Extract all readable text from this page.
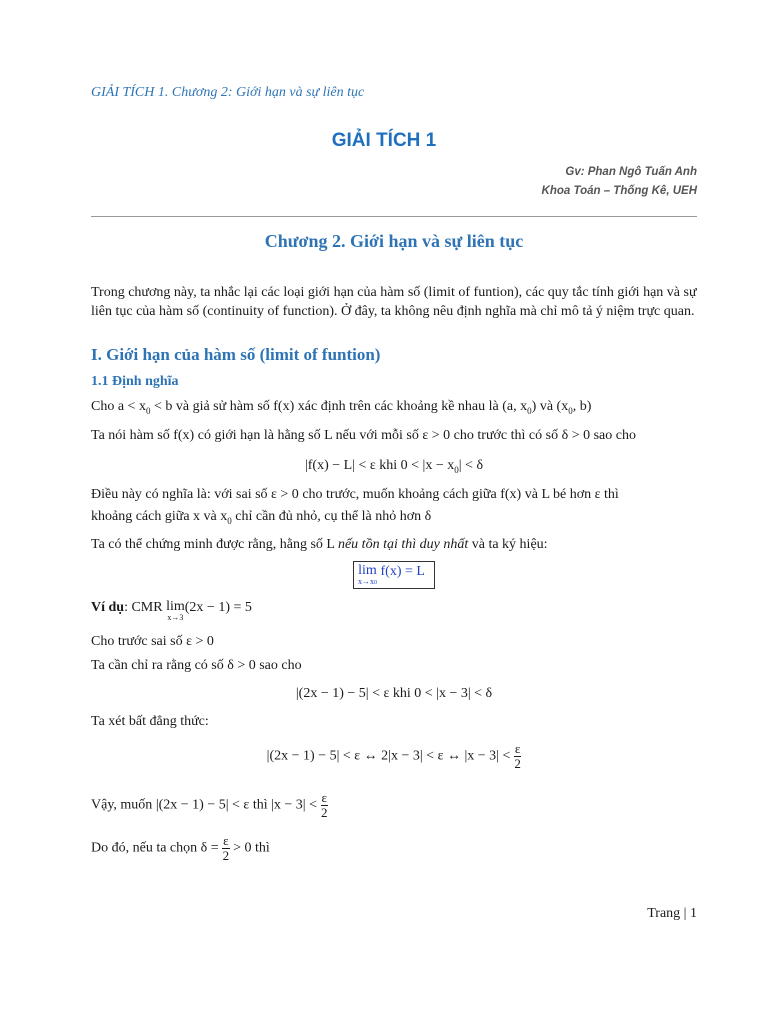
GIẢI TÍCH 1. Chương 2: Giới hạn và sự liên tục
GIẢI TÍCH 1
Gv: Phan Ngô Tuấn Anh
Khoa Toán – Thống Kê, UEH
Chương 2. Giới hạn và sự liên tục
Trong chương này, ta nhắc lại các loại giới hạn của hàm số (limit of funtion), các quy tắc tính giới hạn và sự liên tục của hàm số (continuity of function). Ở đây, ta không nêu định nghĩa mà chỉ mô tả ý niệm trực quan.
I. Giới hạn của hàm số (limit of funtion)
1.1 Định nghĩa
Cho $a < x_0 < b$ và giả sử hàm số f(x) xác định trên các khoảng kề nhau là (a, $x_0$) và ($x_0$, b)
Ta nói hàm số f(x) có giới hạn là hằng số L nếu với mỗi số ε > 0 cho trước thì có số δ > 0 sao cho
|f(x) − L| < ε khi $0 < |x - x_0| < \delta$
Điều này có nghĩa là: với sai số ε > 0 cho trước, muốn khoảng cách giữa f(x) và L bé hơn ε thì
khoảng cách giữa x và $x_0$ chỉ cần đủ nhỏ, cụ thể là nhỏ hơn δ
Ta có thể chứng minh được rằng, hằng số L nếu tồn tại thì duy nhất và ta ký hiệu:
lim
x→x0
f(x) = L
Ví dụ: CMR lim
x→3
(2x − 1) = 5
Cho trước sai số ε > 0
Ta cần chỉ ra rằng có số δ > 0 sao cho
|(2x − 1) − 5| < ε khi 0 < |x − 3| < δ
Ta xét bất đẳng thức:
|(2x − 1) − 5| < ε ↔ 2|x − 3| < ε ↔ $|x - 3| < \frac{\varepsilon}{2}$
Vậy, muốn |(2x − 1) − 5| < ε thì $|x - 3| < \frac{\varepsilon}{2}$
Do đó, nếu ta chọn $\delta = \frac{\varepsilon}{2} > 0$ thì
Trang | 1
